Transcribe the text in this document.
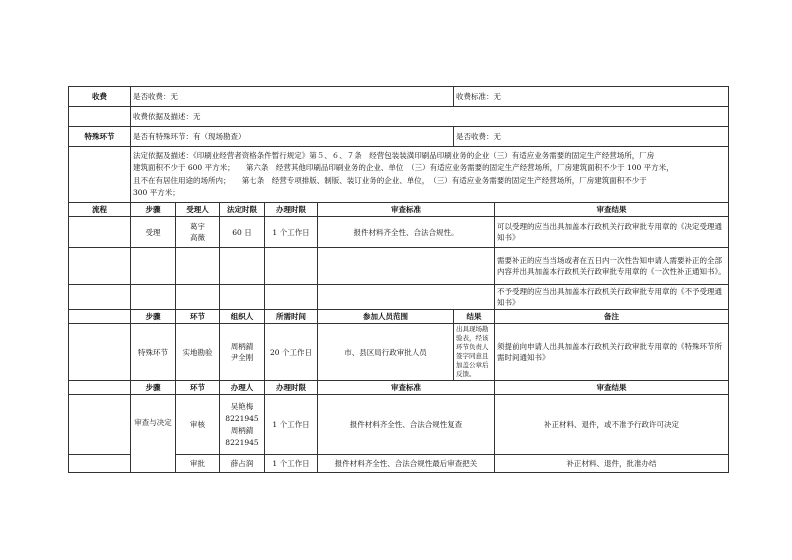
收费	是否收费：无					收费标准：无	
	收费依据及描述：无						
特殊环节	是否有特殊环节：有（现场勘查）					是否收费：无	
	法定依据及描述：《印刷业经营者资格条件暂行规定》第５、６、７条　经营包装装潢印刷品印刷业务的企业（三）有适应业务需要的固定生产经营场所，厂房
建筑面积不少于 600 平方米；　　第六条　经营其他印刷品印刷业务的企业、单位　（三）有适应业务需要的固定生产经营场所，厂房建筑面积不少于 100 平方米，
且不在有居住用途的场所内；　　第七条　经营专项排版、制版、装订业务的企业、单位，　（三）有适应业务需要的固定生产经营场所，厂房建筑面积不少于
300 平方米；						
流程	步骤	受理人	法定时限	办理时限	审查标准		审查结果
	受理	葛宇
高薇	60 日	1 个工作日	报件材料齐全性、合法合规性。		可以受理的应当出具加盖本行政机关行政审批专用章的《决定受理通知书》
							需要补正的应当当场或者在五日内一次性告知申请人需要补正的全部内容并出具加盖本行政机关行政审批专用章的《一次性补正通知书》。
							不予受理的应当出具加盖本行政机关行政审批专用章的《不予受理通知书》
	步骤	环节	组织人	所需时间	参加人员范围	结果	备注
	特殊环节	实地勘验	周柄錆
尹全刚	20 个工作日	市、县区局行政审批人员	出具现场勘验表，经该环节负责人签字同意且加盖公章后反馈。	须提前向申请人出具加盖本行政机关行政审批专用章的《特殊环节所需时间通知书》
	步骤	环节	办理人	办理时限	审查标准		审查结果
	审查与决定	审核	吴艳梅
8221945
周柄錆
8221945	1 个工作日	报件材料齐全性、合法合规性复查		补正材料、退件，或不准予行政许可决定
		审批	薛占润	1 个工作日	报件材料齐全性、合法合规性最后审查把关		补正材料、退件，批准办结
